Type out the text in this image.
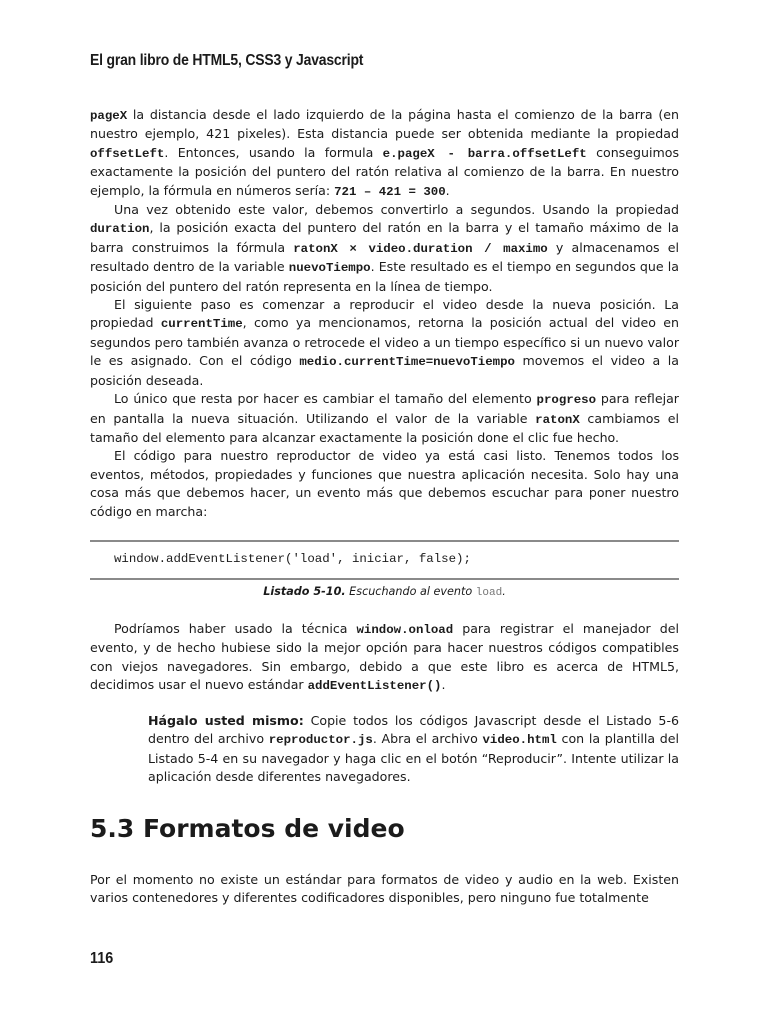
El gran libro de HTML5, CSS3 y Javascript

pageX la distancia desde el lado izquierdo de la página hasta el comienzo de la barra (en nuestro ejemplo, 421 pixeles). Esta distancia puede ser obtenida mediante la propiedad offsetLeft. Entonces, usando la formula e.pageX - barra.offsetLeft conseguimos exactamente la posición del puntero del ratón relativa al comienzo de la barra. En nuestro ejemplo, la fórmula en números sería: 721 – 421 = 300.

Una vez obtenido este valor, debemos convertirlo a segundos. Usando la propiedad duration, la posición exacta del puntero del ratón en la barra y el tamaño máximo de la barra construimos la fórmula ratonX × video.duration / maximo y almacenamos el resultado dentro de la variable nuevoTiempo. Este resultado es el tiempo en segundos que la posición del puntero del ratón representa en la línea de tiempo.

El siguiente paso es comenzar a reproducir el video desde la nueva posición. La propiedad currentTime, como ya mencionamos, retorna la posición actual del video en segundos pero también avanza o retrocede el video a un tiempo específico si un nuevo valor le es asignado. Con el código medio.currentTime=nuevoTiempo movemos el video a la posición deseada.

Lo único que resta por hacer es cambiar el tamaño del elemento progreso para reflejar en pantalla la nueva situación. Utilizando el valor de la variable ratonX cambiamos el tamaño del elemento para alcanzar exactamente la posición done el clic fue hecho.

El código para nuestro reproductor de video ya está casi listo. Tenemos todos los eventos, métodos, propiedades y funciones que nuestra aplicación necesita. Solo hay una cosa más que debemos hacer, un evento más que debemos escuchar para poner nuestro código en marcha:

window.addEventListener('load', iniciar, false);
Listado 5-10. Escuchando al evento load.

Podríamos haber usado la técnica window.onload para registrar el manejador del evento, y de hecho hubiese sido la mejor opción para hacer nuestros códigos compatibles con viejos navegadores. Sin embargo, debido a que este libro es acerca de HTML5, decidimos usar el nuevo estándar addEventListener().

Hágalo usted mismo: Copie todos los códigos Javascript desde el Listado 5-6 dentro del archivo reproductor.js. Abra el archivo video.html con la plantilla del Listado 5-4 en su navegador y haga clic en el botón “Reproducir”. Intente utilizar la aplicación desde diferentes navegadores.

5.3 Formatos de video

Por el momento no existe un estándar para formatos de video y audio en la web. Existen varios contenedores y diferentes codificadores disponibles, pero ninguno fue totalmente

116
